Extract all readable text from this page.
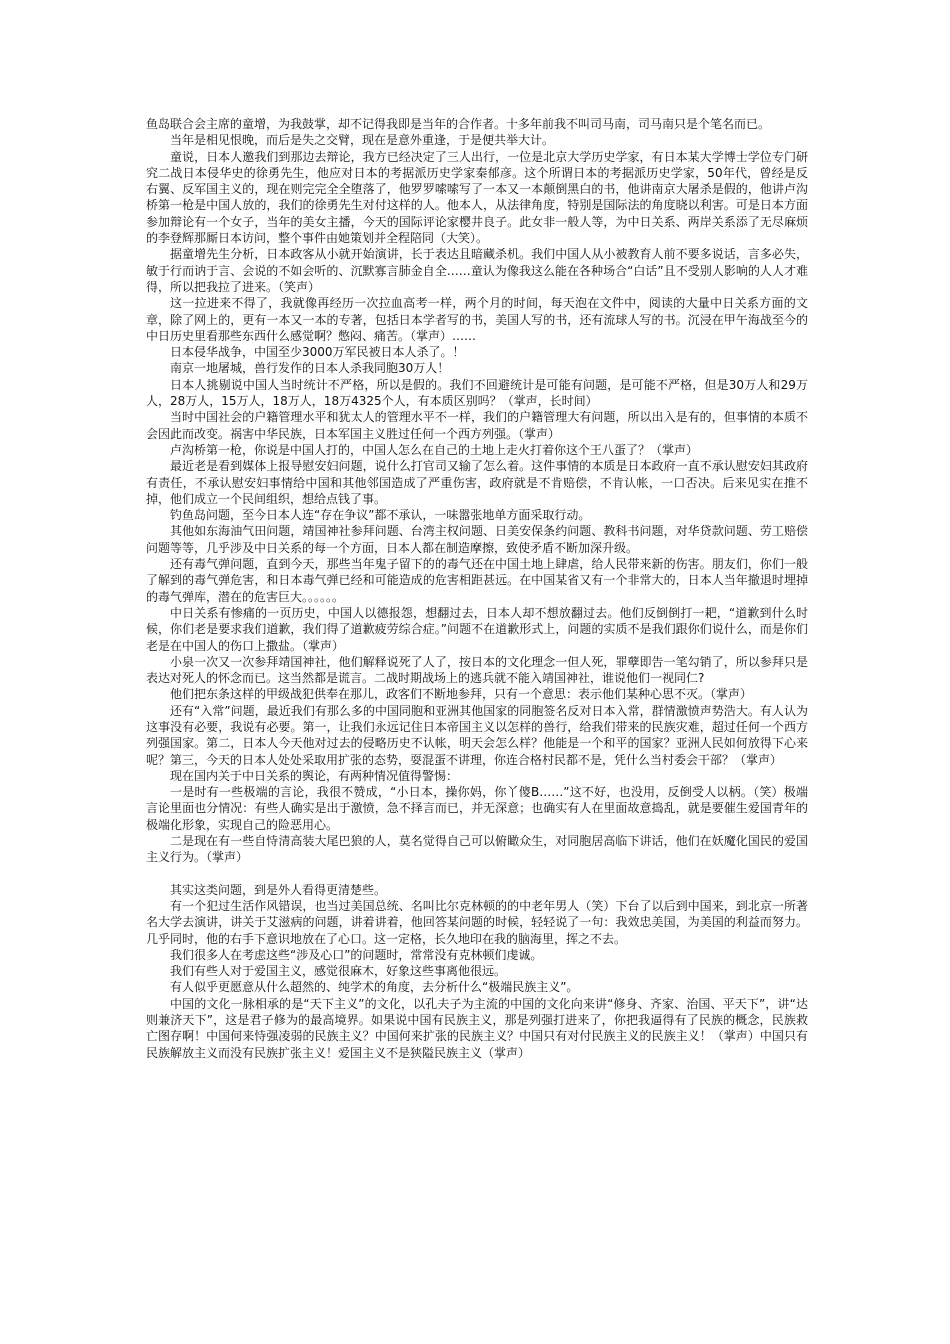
鱼岛联合会主席的童增，为我鼓掌，却不记得我即是当年的合作者。十多年前我不叫司马南，司马南只是个笔名而已。

当年是相见恨晚，而后是失之交臂，现在是意外重逢，于是便共举大计。

童说，日本人邀我们到那边去辩论，我方已经决定了三人出行，一位是北京大学历史学家，有日本某大学博士学位专门研究二战日本侵华史的徐勇先生，他应对日本的考据派历史学家秦郁彦。这个所谓日本的考据派历史学家，50年代，曾经是反右翼、反军国主义的，现在则完完全全堕落了，他罗罗嗦嗦写了一本又一本颠倒黑白的书，他讲南京大屠杀是假的，他讲卢沟桥第一枪是中国人放的，我们的徐勇先生对付这样的人。他本人，从法律角度，特别是国际法的角度晓以利害。可是日本方面参加辩论有一个女子，当年的美女主播，今天的国际评论家樱井良子。此女非一般人等，为中日关系、两岸关系添了无尽麻烦的李登辉那厮日本访问，整个事件由她策划并全程陪同（大笑）。

据童增先生分析，日本政客从小就开始演讲，长于表达且暗藏杀机。我们中国人从小被教育人前不要多说话，言多必失，敏于行而讷于言、会说的不如会听的、沉默寡言肺金自全……童认为像我这么能在各种场合“白话”且不受别人影响的人人才难得，所以把我拉了进来。（笑声）

这一拉进来不得了，我就像再经历一次拉血高考一样，两个月的时间，每天泡在文件中，阅读的大量中日关系方面的文章，除了网上的，更有一本又一本的专著，包括日本学者写的书，美国人写的书，还有流球人写的书。沉浸在甲午海战至今的中日历史里看那些东西什么感觉啊？憋闷、痛苦。（掌声）……

日本侵华战争，中国至少3000万军民被日本人杀了。！

南京一地屠城，兽行发作的日本人杀我同胞30万人！

日本人挑剔说中国人当时统计不严格，所以是假的。我们不回避统计是可能有问题，是可能不严格，但是30万人和29万人，28万人，15万人，18万人，18万4325个人，有本质区别吗？（掌声，长时间）

当时中国社会的户籍管理水平和犹太人的管理水平不一样，我们的户籍管理大有问题，所以出入是有的，但事情的本质不会因此而改变。祸害中华民族，日本军国主义胜过任何一个西方列强。（掌声）

卢沟桥第一枪，你说是中国人打的，中国人怎么在自己的土地上走火打着你这个王八蛋了？（掌声）

最近老是看到媒体上报导慰安妇问题，说什么打官司又输了怎么着。这件事情的本质是日本政府一直不承认慰安妇其政府有责任，不承认慰安妇事情给中国和其他邻国造成了严重伤害，政府就是不肯赔偿，不肯认帐，一口否决。后来见实在推不掉，他们成立一个民间组织，想给点钱了事。

钓鱼岛问题，至今日本人连“存在争议”都不承认，一味嚣张地单方面采取行动。

其他如东海油气田问题，靖国神社参拜问题、台湾主权问题、日美安保条约问题、教科书问题，对华贷款问题、劳工赔偿问题等等，几乎涉及中日关系的每一个方面，日本人都在制造摩擦，致使矛盾不断加深升级。

还有毒气弹问题，直到今天，那些当年鬼子留下的的毒气还在中国土地上肆虐，给人民带来新的伤害。朋友们，你们一般了解到的毒气弹危害，和日本毒气弹已经和可能造成的危害相距甚远。在中国某省又有一个非常大的，日本人当年撤退时埋掉的毒气弹库，潜在的危害巨大。。。。。。

中日关系有惨痛的一页历史，中国人以德报怨，想翻过去，日本人却不想放翻过去。他们反倒倒打一耙，“道歉到什么时候，你们老是要求我们道歉，我们得了道歉疲劳综合症。”问题不在道歉形式上，问题的实质不是我们跟你们说什么，而是你们老是在中国人的伤口上撒盐。（掌声）

小泉一次又一次参拜靖国神社，他们解释说死了人了，按日本的文化理念一但人死，罪孽即告一笔勾销了，所以参拜只是表达对死人的怀念而已。这当然都是谎言。二战时期战场上的逃兵就不能入靖国神社，谁说他们一视同仁?

他们把东条这样的甲级战犯供奉在那儿，政客们不断地参拜，只有一个意思：表示他们某种心思不灭。（掌声）

还有“入常”问题，最近我们有那么多的中国同胞和亚洲其他国家的同胞签名反对日本入常，群情激愤声势浩大。有人认为这事没有必要，我说有必要。第一，让我们永远记住日本帝国主义以怎样的兽行，给我们带来的民族灾难，超过任何一个西方列强国家。第二，日本人今天他对过去的侵略历史不认帐，明天会怎么样？他能是一个和平的国家？亚洲人民如何放得下心来呢？第三，今天的日本人处处采取用扩张的态势，耍混蛋不讲理，你连合格村民都不是，凭什么当村委会干部？（掌声）

现在国内关于中日关系的舆论，有两种情况值得警惕：

一是时有一些极端的言论，我很不赞成，“小日本，操你妈，你丫傻B……”这不好，也没用，反倒受人以柄。（笑）极端言论里面也分情况：有些人确实是出于激愤，急不择言而已，并无深意；也确实有人在里面故意捣乱，就是要催生爱国青年的极端化形象，实现自己的险恶用心。

二是现在有一些自恃清高装大尾巴狼的人，莫名觉得自己可以俯瞰众生，对同胞居高临下讲话，他们在妖魔化国民的爱国主义行为。（掌声）

其实这类问题，到是外人看得更清楚些。

有一个犯过生活作风错误，也当过美国总统、名叫比尔克林顿的的中老年男人（笑）下台了以后到中国来，到北京一所著名大学去演讲，讲关于艾滋病的问题，讲着讲着，他回答某问题的时候，轻轻说了一句：我效忠美国，为美国的利益而努力。几乎同时，他的右手下意识地放在了心口。这一定格，长久地印在我的脑海里，挥之不去。

我们很多人在考虑这些“涉及心口”的问题时，常常没有克林顿们虔诚。

我们有些人对于爱国主义，感觉很麻木，好象这些事离他很远。

有人似乎更愿意从什么超然的、纯学术的角度，去分析什么“极端民族主义”。

中国的文化一脉相承的是“天下主义”的文化，以孔夫子为主流的中国的文化向来讲“修身、齐家、治国、平天下”，讲“达则兼济天下”，这是君子修为的最高境界。如果说中国有民族主义，那是列强打进来了，你把我逼得有了民族的概念，民族救亡图存啊！中国何来恃强凌弱的民族主义？中国何来扩张的民族主义？中国只有对付民族主义的民族主义！（掌声）中国只有民族解放主义而没有民族扩张主义！爱国主义不是狭隘民族主义（掌声）
